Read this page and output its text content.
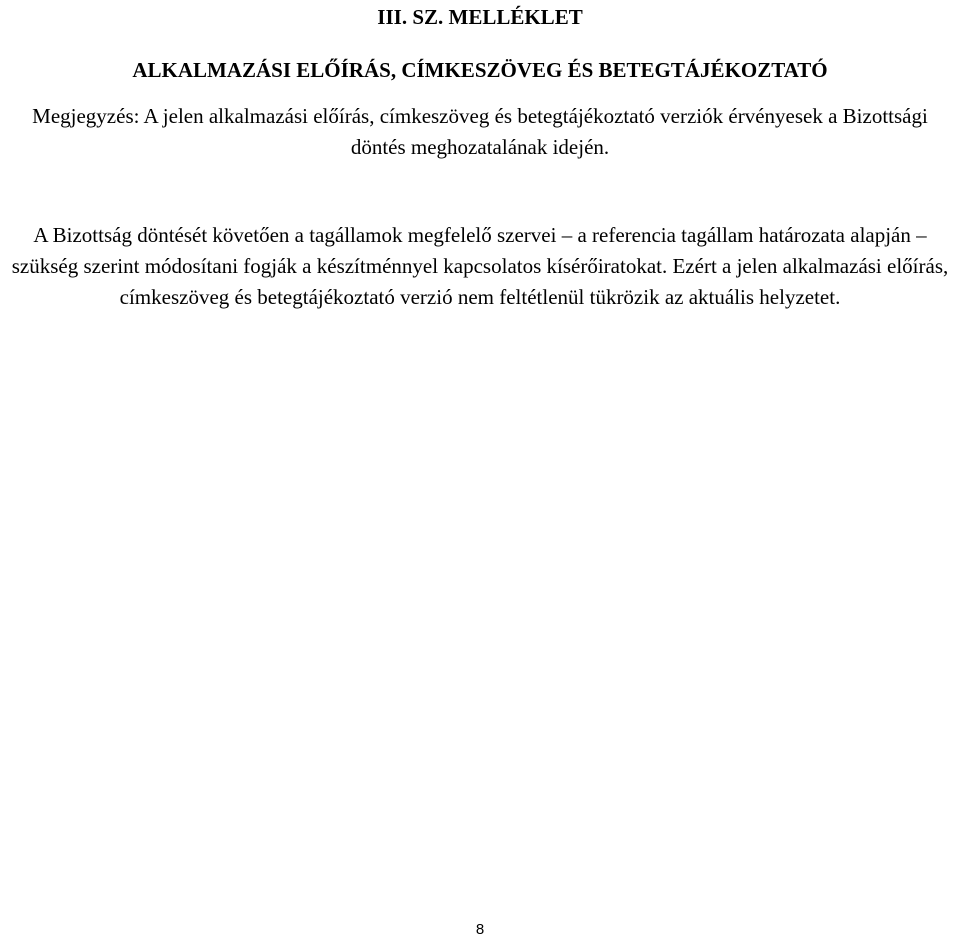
III. SZ. MELLÉKLET
ALKALMAZÁSI ELŐÍRÁS, CÍMKESZÖVEG ÉS BETEGTÁJÉKOZTATÓ

Megjegyzés: A jelen alkalmazási előírás, címkeszöveg és betegtájékoztató verziók érvényesek a Bizottsági döntés meghozatalának idején.

A Bizottság döntését követően a tagállamok megfelelő szervei – a referencia tagállam határozata alapján – szükség szerint módosítani fogják a készítménnyel kapcsolatos kísérőiratokat. Ezért a jelen alkalmazási előírás, címkeszöveg és betegtájékoztató verzió nem feltétlenül tükrözik az aktuális helyzetet.

8
